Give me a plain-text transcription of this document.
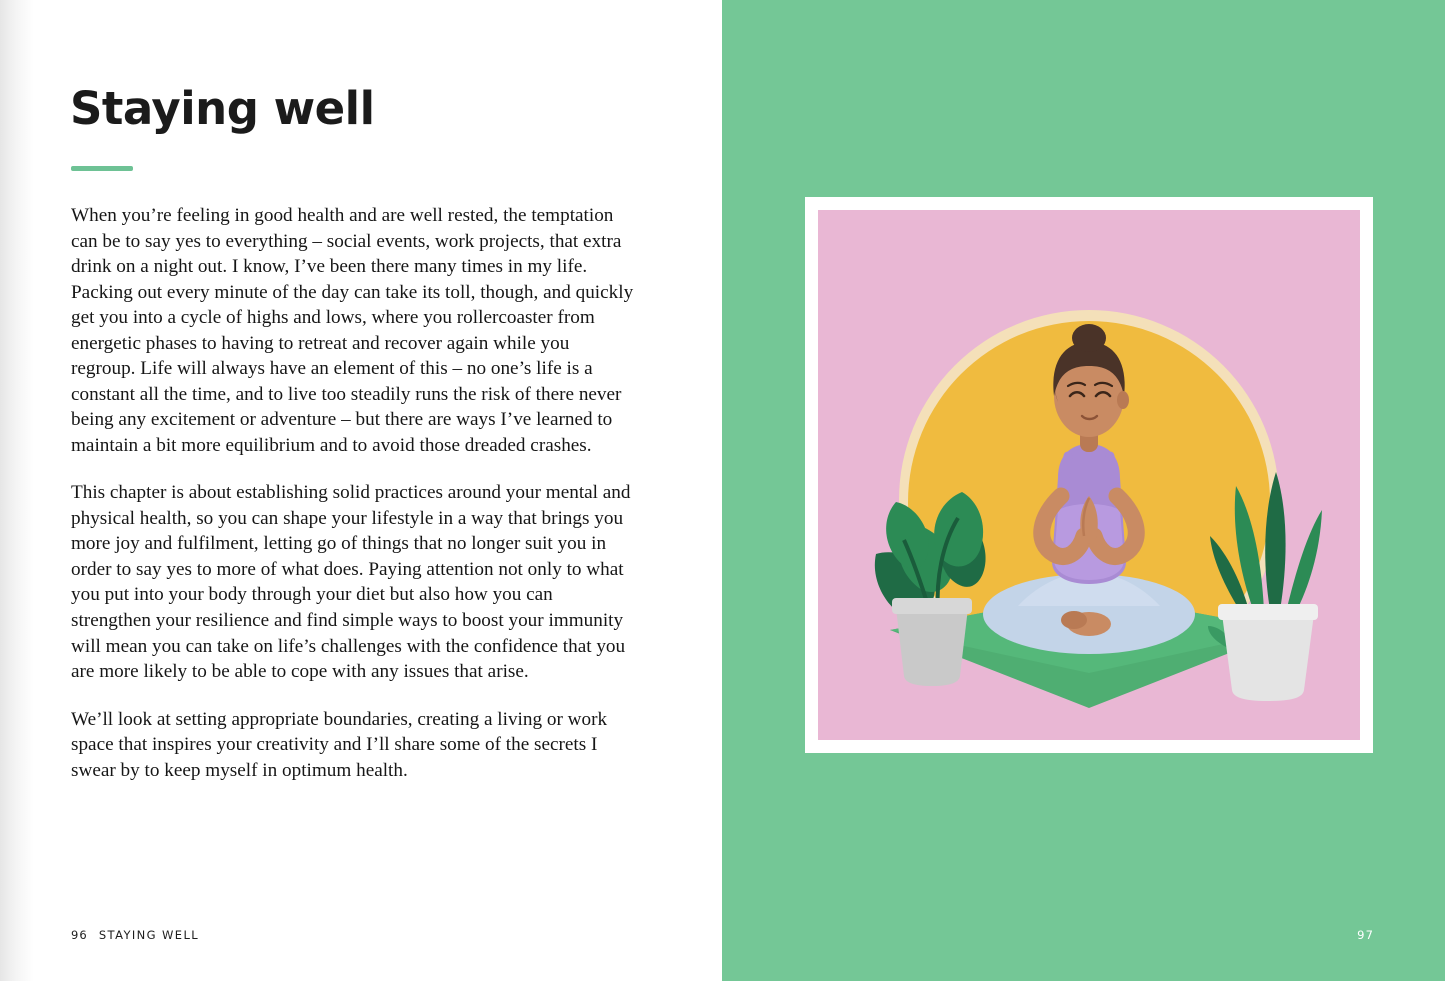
Staying well

When you’re feeling in good health and are well rested, the temptation can be to say yes to everything – social events, work projects, that extra drink on a night out. I know, I’ve been there many times in my life. Packing out every minute of the day can take its toll, though, and quickly get you into a cycle of highs and lows, where you rollercoaster from energetic phases to having to retreat and recover again while you regroup. Life will always have an element of this – no one’s life is a constant all the time, and to live too steadily runs the risk of there never being any excitement or adventure – but there are ways I’ve learned to maintain a bit more equilibrium and to avoid those dreaded crashes.

This chapter is about establishing solid practices around your mental and physical health, so you can shape your lifestyle in a way that brings you more joy and fulfilment, letting go of things that no longer suit you in order to say yes to more of what does. Paying attention not only to what you put into your body through your diet but also how you can strengthen your resilience and find simple ways to boost your immunity will mean you can take on life’s challenges with the confidence that you are more likely to be able to cope with any issues that arise.

We’ll look at setting appropriate boundaries, creating a living or work space that inspires your creativity and I’ll share some of the secrets I swear by to keep myself in optimum health.

96 STAYING WELL	97
